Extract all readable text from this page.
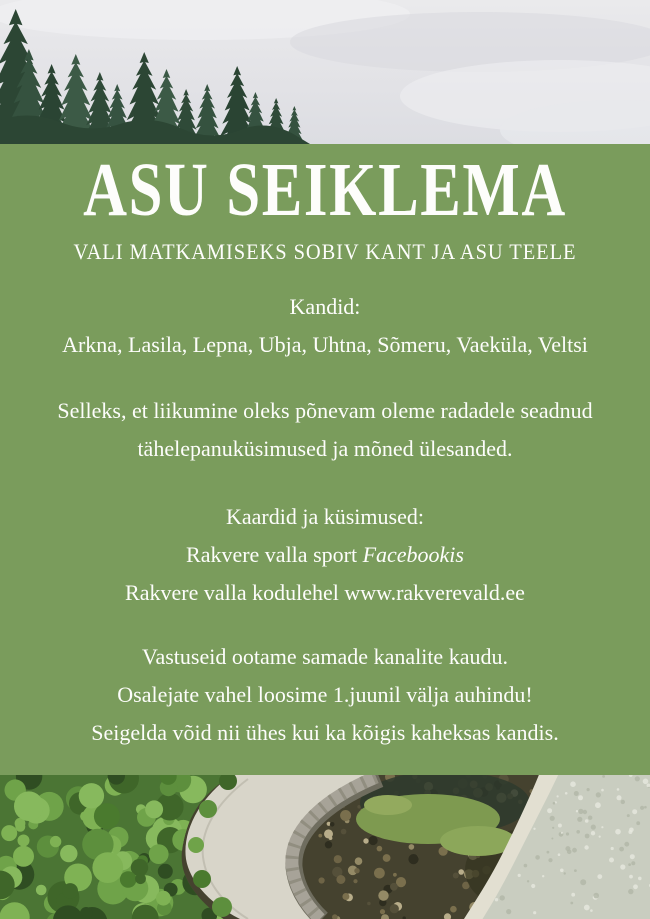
ASU SEIKLEMA
VALI MATKAMISEKS SOBIV KANT JA ASU TEELE

Kandid:

Arkna, Lasila, Lepna, Ubja, Uhtna, Sõmeru, Vaeküla, Veltsi

Selleks, et liikumine oleks põnevam oleme radadele seadnud

tähelepanuküsimused ja mõned ülesanded.

Kaardid ja küsimused:

Rakvere valla sport Facebookis

Rakvere valla kodulehel www.rakverevald.ee

Vastuseid ootame samade kanalite kaudu.

Osalejate vahel loosime 1.juunil välja auhindu!

Seigelda võid nii ühes kui ka kõigis kaheksas kandis.
